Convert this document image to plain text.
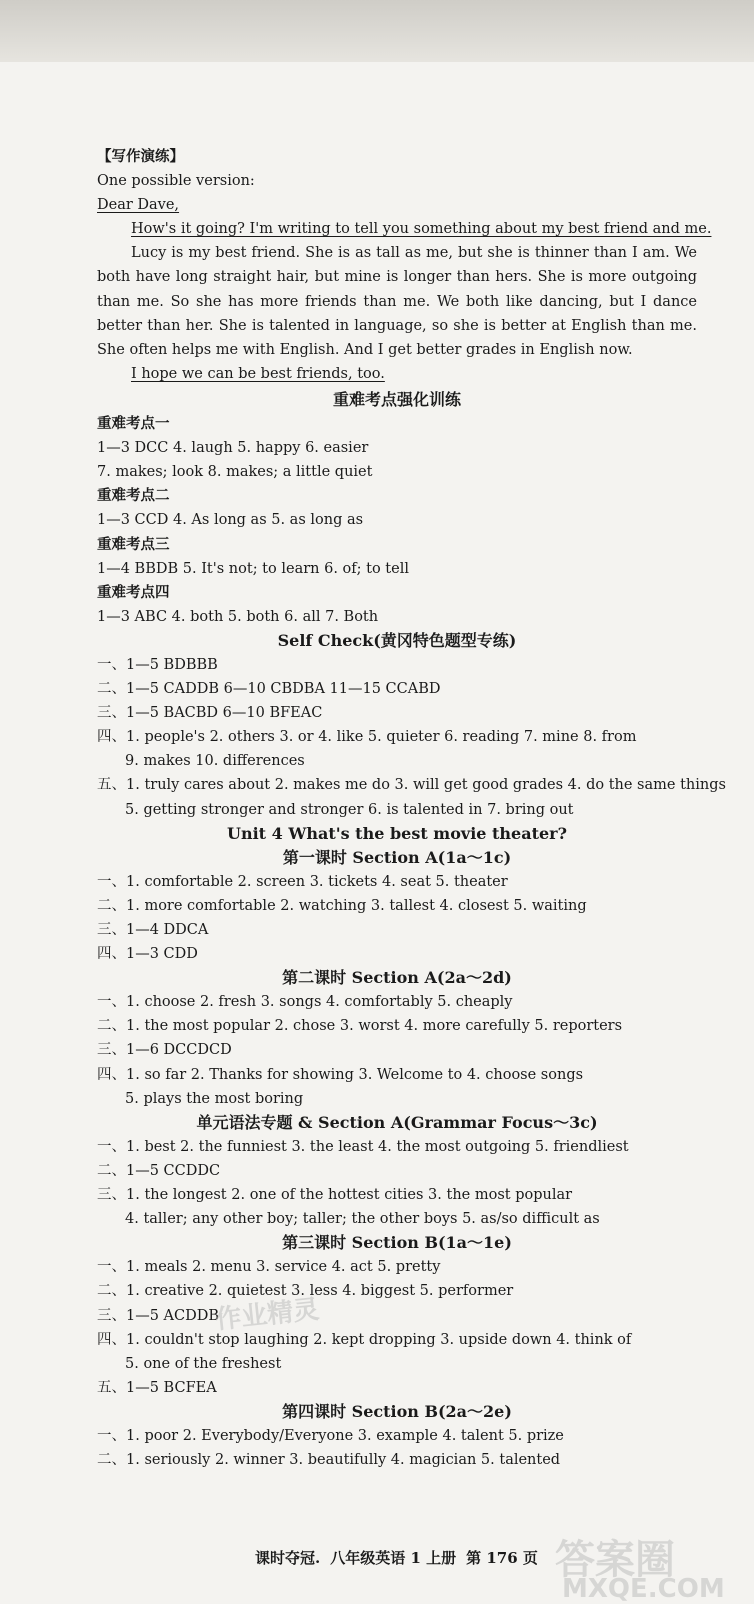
【写作演练】
One possible version:
Dear Dave,
How's it going? I'm writing to tell you something about my best friend and me.
Lucy is my best friend. She is as tall as me, but she is thinner than I am. We both have long straight hair, but mine is longer than hers. She is more outgoing than me. So she has more friends than me. We both like dancing, but I dance better than her. She is talented in language, so she is better at English than me. She often helps me with English. And I get better grades in English now.
I hope we can be best friends, too.
重难考点强化训练
重难考点一
1—3 DCC 4. laugh 5. happy 6. easier
7. makes; look 8. makes; a little quiet
重难考点二
1—3 CCD 4. As long as 5. as long as
重难考点三
1—4 BBDB 5. It's not; to learn 6. of; to tell
重难考点四
1—3 ABC 4. both 5. both 6. all 7. Both
Self Check(黄冈特色题型专练)
一、1—5 BDBBB
二、1—5 CADDB 6—10 CBDBA 11—15 CCABD
三、1—5 BACBD 6—10 BFEAC
四、1. people's 2. others 3. or 4. like 5. quieter 6. reading 7. mine 8. from
9. makes 10. differences
五、1. truly cares about 2. makes me do 3. will get good grades 4. do the same things
5. getting stronger and stronger 6. is talented in 7. bring out
Unit 4 What's the best movie theater?
第一课时 Section A(1a～1c)
一、1. comfortable 2. screen 3. tickets 4. seat 5. theater
二、1. more comfortable 2. watching 3. tallest 4. closest 5. waiting
三、1—4 DDCA
四、1—3 CDD
第二课时 Section A(2a～2d)
一、1. choose 2. fresh 3. songs 4. comfortably 5. cheaply
二、1. the most popular 2. chose 3. worst 4. more carefully 5. reporters
三、1—6 DCCDCD
四、1. so far 2. Thanks for showing 3. Welcome to 4. choose songs
5. plays the most boring
单元语法专题 & Section A(Grammar Focus～3c)
一、1. best 2. the funniest 3. the least 4. the most outgoing 5. friendliest
二、1—5 CCDDC
三、1. the longest 2. one of the hottest cities 3. the most popular
4. taller; any other boy; taller; the other boys 5. as/so difficult as
第三课时 Section B(1a～1e)
一、1. meals 2. menu 3. service 4. act 5. pretty
二、1. creative 2. quietest 3. less 4. biggest 5. performer
三、1—5 ACDDB
四、1. couldn't stop laughing 2. kept dropping 3. upside down 4. think of
5. one of the freshest
五、1—5 BCFEA
第四课时 Section B(2a～2e)
一、1. poor 2. Everybody/Everyone 3. example 4. talent 5. prize
二、1. seriously 2. winner 3. beautifully 4. magician 5. talented
作业精灵
答案圈
MXQE.COM
课时夺冠. 八年级英语 1 上册 第 176 页
